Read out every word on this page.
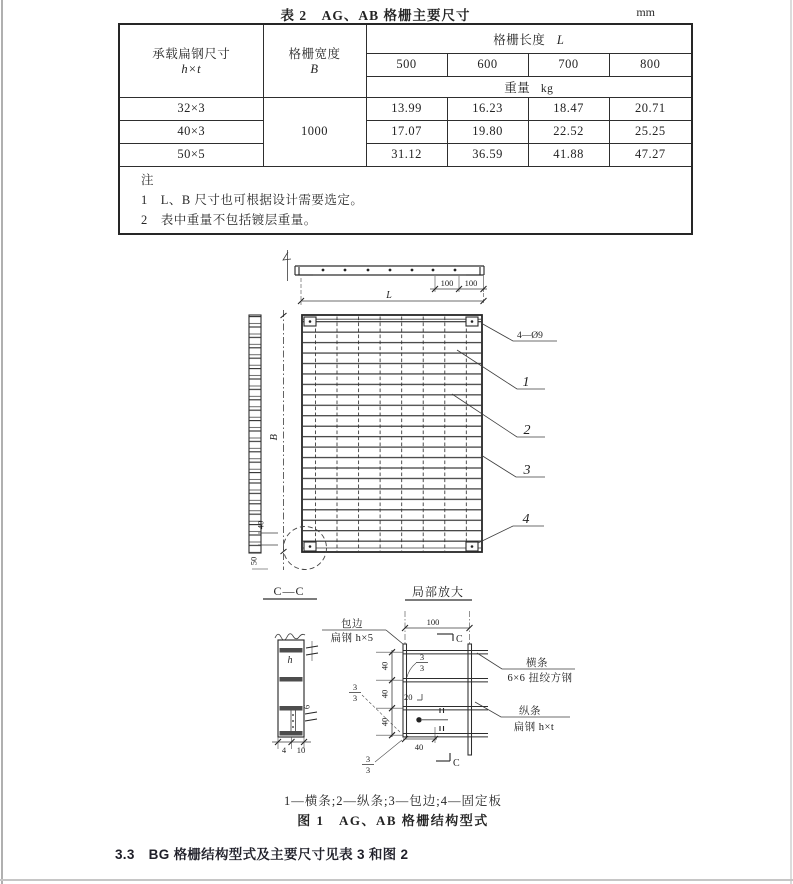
表 2　AG、AB 格栅主要尺寸	mm
承载扁钢尺寸
h×t

格栅宽度
B
	格栅长度 L
		500	600	700	800
		重量 kg			
32×3	1000	13.99	16.23	18.47	20.71
40×3		17.07	19.80	22.52	25.25
50×5		31.12	36.59	41.88	47.27

注
1　L、B 尺寸也可根据设计需要选定。
2　表中重量不包括镀层重量。					
100 100
L
B
40
50
4—Ø9
1
2
3
4
C—C
h
6
4 10
局部放大
100
C
40
40
40
20
40
C
3
3
3
3
3
3
包边
扁钢 h×5
横条
6×6 扭绞方钢
纵条
扁钢 h×t
1—横条;2—纵条;3—包边;4—固定板
图 1　AG、AB 格栅结构型式
3.3 BG 格栅结构型式及主要尺寸见表 3 和图 2
